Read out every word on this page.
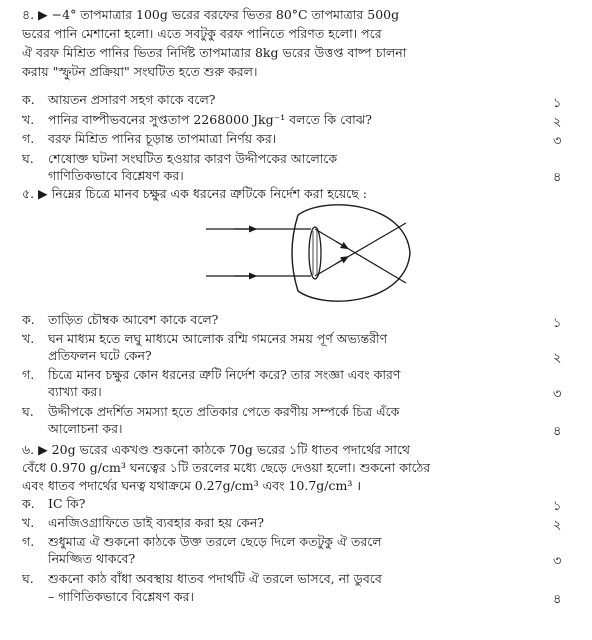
৪. ▶ −4° তাপমাত্রার 100g ভরের বরফের ভিতর 80°C তাপমাত্রার 500g
ভরের পানি মেশানো হলো। এতে সবটুকু বরফ পানিতে পরিণত হলো। পরে
ঐ বরফ মিশ্রিত পানির ভিতর নির্দিষ্ট তাপমাত্রার 8kg ভরের উত্তপ্ত বাষ্প চালনা
করায় "স্ফুটন প্রক্রিয়া" সংঘটিত হতে শুরু করল।
ক. আয়তন প্রসারণ সহগ কাকে বলে?	১
খ. পানির বাষ্পীভবনের সুপ্ততাপ 2268000 Jkg⁻¹ বলতে কি বোঝ?	২
গ. বরফ মিশ্রিত পানির চূড়ান্ত তাপমাত্রা নির্ণয় কর।	৩
ঘ. শেষোক্ত ঘটনা সংঘটিত হওয়ার কারণ উদ্দীপকের আলোকে
গাণিতিকভাবে বিশ্লেষণ কর।	৪
৫. ▶ নিম্নের চিত্রে মানব চক্ষুর এক ধরনের ত্রুটিকে নির্দেশ করা হয়েছে :
ক. তাড়িত চৌম্বক আবেশ কাকে বলে?	১
খ. ঘন মাধ্যম হতে লঘু মাধ্যমে আলোক রশ্মি গমনের সময় পূর্ণ অভ্যন্তরীণ
প্রতিফলন ঘটে কেন?	২
গ. চিত্রে মানব চক্ষুর কোন ধরনের ত্রুটি নির্দেশ করে? তার সংজ্ঞা এবং কারণ
ব্যাখ্যা কর।	৩
ঘ. উদ্দীপকে প্রদর্শিত সমস্যা হতে প্রতিকার পেতে করণীয় সম্পর্কে চিত্র এঁকে
আলোচনা কর।	৪
৬. ▶ 20g ভরের একখণ্ড শুকনো কাঠকে 70g ভরের ১টি ধাতব পদার্থের সাথে
বেঁধে 0.970 g/cm³ ঘনত্বের ১টি তরলের মধ্যে ছেড়ে দেওয়া হলো। শুকনো কাঠের
এবং ধাতব পদার্থের ঘনত্ব যথাক্রমে 0.27g/cm³ এবং 10.7g/cm³ ।
ক. IC কি?	১
খ. এনজিওগ্রাফিতে ডাই ব্যবহার করা হয় কেন?	২
গ. শুধুমাত্র ঐ শুকনো কাঠকে উক্ত তরলে ছেড়ে দিলে কতটুকু ঐ তরলে
নিমজ্জিত থাকবে?	৩
ঘ. শুকনো কাঠ বাঁধা অবস্থায় ধাতব পদার্থটি ঐ তরলে ভাসবে, না ডুববে
– গাণিতিকভাবে বিশ্লেষণ কর।	৪
